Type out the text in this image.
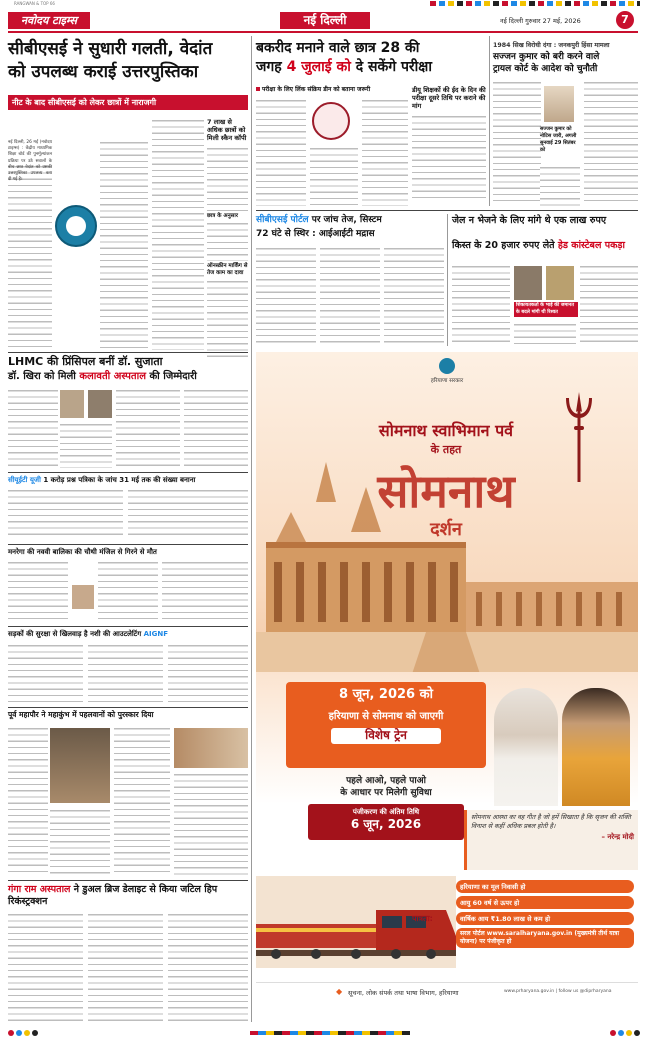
RANGWAN & TOP 66
नवोदय टाइम्स	नई दिल्ली	नई दिल्ली गुरुवार 27 मई, 2026	7
सीबीएसई ने सुधारी गलती, वेदांत
को उपलब्ध कराई उत्तरपुस्तिका
नीट के बाद सीबीएसई को लेकर छात्रों में नाराजगी
नई दिल्ली, 26 मई (नवोदय टाइम्स) : केंद्रीय माध्यमिक शिक्षा बोर्ड की पुनर्मूल्यांकन प्रक्रिया पर उठे सवालों के बीच छात्र वेदांत को उसकी उत्तरपुस्तिका उपलब्ध करा दी गई है।
7 लाख से अधिक छात्रों को मिली स्कैन कॉपी
छात्र के अनुसार
ऑनस्क्रीन मार्किंग से तेज काम का दावा
LHMC की प्रिंसिपल बनीं डॉ. सुजाता
डॉ. खिरा को मिली कलावती अस्पताल की जिम्मेदारी
सीयूईटी यूजी 1 करोड़ प्रश्न पत्रिका के जांच 31 मई तक की संख्या बनाना
मनरेगा की नववी बालिका की चौथी मंजिल से गिरने से मौत
सड़कों की सुरक्षा से खिलवाड़ है नशी की आउटलेटिंग AIGNF
पूर्व महापौर ने महाकुंभ में पहलवानों को पुरस्कार दिया
गंगा राम अस्पताल ने डुअल ब्रिज डेलाइट से किया जटिल हिप रिकंस्ट्रक्शन
बकरीद मनाने वाले छात्र 28 की
जगह 4 जुलाई को दे सकेंगे परीक्षा
परीक्षा के लिए लिंक संक्रिय डीन को बताना जरूरी	डीयू शिक्षकों की ईद के दिन की परीक्षा दूसरे तिथि पर कराने की मांग
1984 सिख विरोधी दंगा : जनकपुरी हिंसा मामला
सज्जन कुमार को बरी करने वाले
ट्रायल कोर्ट के आदेश को चुनौती
सज्जन कुमार को नोटिस जारी, अगली सुनवाई 29 सितंबर को
सीबीएसई पोर्टल पर जांच तेज, सिस्टम
72 घंटे से स्थिर : आईआईटी मद्रास
जेल न भेजने के लिए मांगे थे एक लाख रुपए
किस्त के 20 हजार रुपए लेते हेड कांस्टेबल पकड़ा
शिकायतकर्ता के भाई की जमानत के बदले मांगी थी रिश्वत
हरियाणा सरकार
सोमनाथ स्वाभिमान पर्व
के तहत
सोमनाथ
दर्शन
8 जून, 2026 को
हरियाणा से सोमनाथ को जाएगी
विशेष ट्रेन
पहले आओ, पहले पाओ
के आधार पर मिलेगी सुविधा
पंजीकरण की अंतिम तिथि
6 जून, 2026
सोमनाथ आस्था का वह गीत है जो हमें सिखाता है कि सृजन की शक्ति विनाश से कहीं अधिक प्रबल होती है।
– नरेन्द्र मोदी
पात्रता:
हरियाणा का मूल निवासी हो
आयु 60 वर्ष से ऊपर हो
वार्षिक आय ₹1.80 लाख से कम हो
सरल पोर्टल www.saralharyana.gov.in (मुख्यमंत्री तीर्थ यात्रा योजना) पर पंजीकृत हो
◆ सूचना, लोक संपर्क तथा भाषा विभाग, हरियाणा	www.prharyana.gov.in | follow us @diprharyana
